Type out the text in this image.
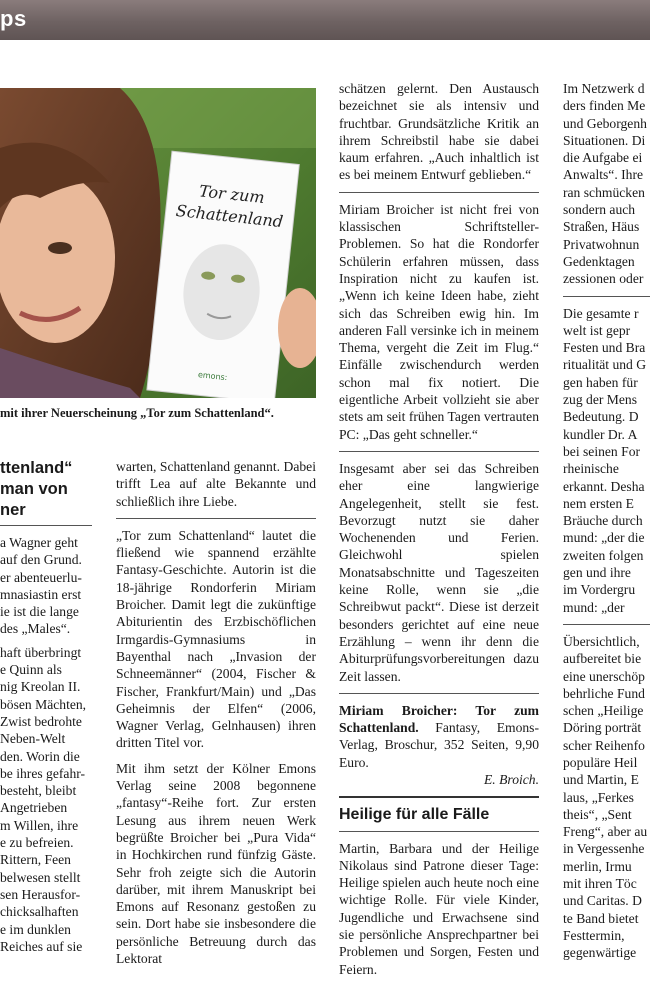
ps
Tor zum
Schattenland
emons:
mit ihrer Neuerscheinung „Tor zum Schattenland“.
ttenland“
man von
ner
a Wagner geht
auf den Grund.
er abenteuerlu-
mnasiastin erst
ie ist die lange
des „Males“.
haft überbringt
e Quinn als
nig Kreolan II.
bösen Mächten,
Zwist bedrohte
Neben-Welt
den. Worin die
be ihres gefahr-
besteht, bleibt
Angetrieben
m Willen, ihre
e zu befreien.
Rittern, Feen
belwesen stellt
sen Herausfor-
chicksalhaften
e im dunklen
Reiches auf sie

warten, Schattenland genannt. Dabei trifft Lea auf alte Bekannte und schließlich ihre Liebe.

„Tor zum Schattenland“ lautet die fließend wie spannend erzählte Fantasy-Geschichte. Autorin ist die 18-jährige Rondorferin Miriam Broicher. Damit legt die zukünftige Abiturientin des Erzbischöflichen Irmgardis-Gymnasiums in Bayenthal nach „Invasion der Schneemänner“ (2004, Fischer & Fischer, Frankfurt/Main) und „Das Geheimnis der Elfen“ (2006, Wagner Verlag, Gelnhausen) ihren dritten Titel vor.

Mit ihm setzt der Kölner Emons Verlag seine 2008 begonnene „fantasy“-Reihe fort. Zur ersten Lesung aus ihrem neuen Werk begrüßte Broicher bei „Pura Vida“ in Hochkirchen rund fünfzig Gäste. Sehr froh zeigte sich die Autorin darüber, mit ihrem Manuskript bei Emons auf Resonanz gestoßen zu sein. Dort habe sie insbesondere die persönliche Betreuung durch das Lektorat

schätzen gelernt. Den Austausch bezeichnet sie als intensiv und fruchtbar. Grundsätzliche Kritik an ihrem Schreibstil habe sie dabei kaum erfahren. „Auch inhaltlich ist es bei meinem Entwurf geblieben.“

Miriam Broicher ist nicht frei von klassischen Schriftsteller-Problemen. So hat die Rondorfer Schülerin erfahren müssen, dass Inspiration nicht zu kaufen ist. „Wenn ich keine Ideen habe, zieht sich das Schreiben ewig hin. Im anderen Fall versinke ich in meinem Thema, vergeht die Zeit im Flug.“ Einfälle zwischendurch werden schon mal fix notiert. Die eigentliche Arbeit vollzieht sie aber stets am seit frühen Tagen vertrauten PC: „Das geht schneller.“

Insgesamt aber sei das Schreiben eher eine langwierige Angelegenheit, stellt sie fest. Bevorzugt nutzt sie daher Wochenenden und Ferien. Gleichwohl spielen Monatsabschnitte und Tageszeiten keine Rolle, wenn sie „die Schreibwut packt“. Diese ist derzeit besonders gerichtet auf eine neue Erzählung – wenn ihr denn die Abiturprüfungsvorbereitungen dazu Zeit lassen.

Miriam Broicher: Tor zum Schattenland. Fantasy, Emons-Verlag, Broschur, 352 Seiten, 9,90 Euro.

E. Broich.
Heilige für alle Fälle

Martin, Barbara und der Heilige Nikolaus sind Patrone dieser Tage: Heilige spielen auch heute noch eine wichtige Rolle. Für viele Kinder, Jugendliche und Erwachsene sind sie persönliche Ansprechpartner bei Problemen und Sorgen, Festen und Feiern.

Im Netzwerk d
ders finden Me
und Geborgenh
Situationen. Di
die Aufgabe ei
Anwalts“. Ihre
ran schmücken
sondern auch
Straßen, Häus
Privatwohnun
Gedenktagen
zessionen oder
Die gesamte r
welt ist gepr
Festen und Bra
ritualität und G
gen haben für
zug der Mens
Bedeutung. D
kundler Dr. A
bei seinen For
rheinische
erkannt. Desha
nem ersten E
Bräuche durch
mund: „der die
zweiten folgen
gen und ihre
im Vordergru
mund: „der
Übersichtlich,
aufbereitet bie
eine unerschöp
behrliche Fund
schen „Heilige
Döring porträt
scher Reihenfo
populäre Heil
und Martin, E
laus, „Ferkes
theis“, „Sent
Freng“, aber au
in Vergessenhe
merlin, Irmu
mit ihren Töc
und Caritas. D
te Band bietet
Festtermin,
gegenwärtige
